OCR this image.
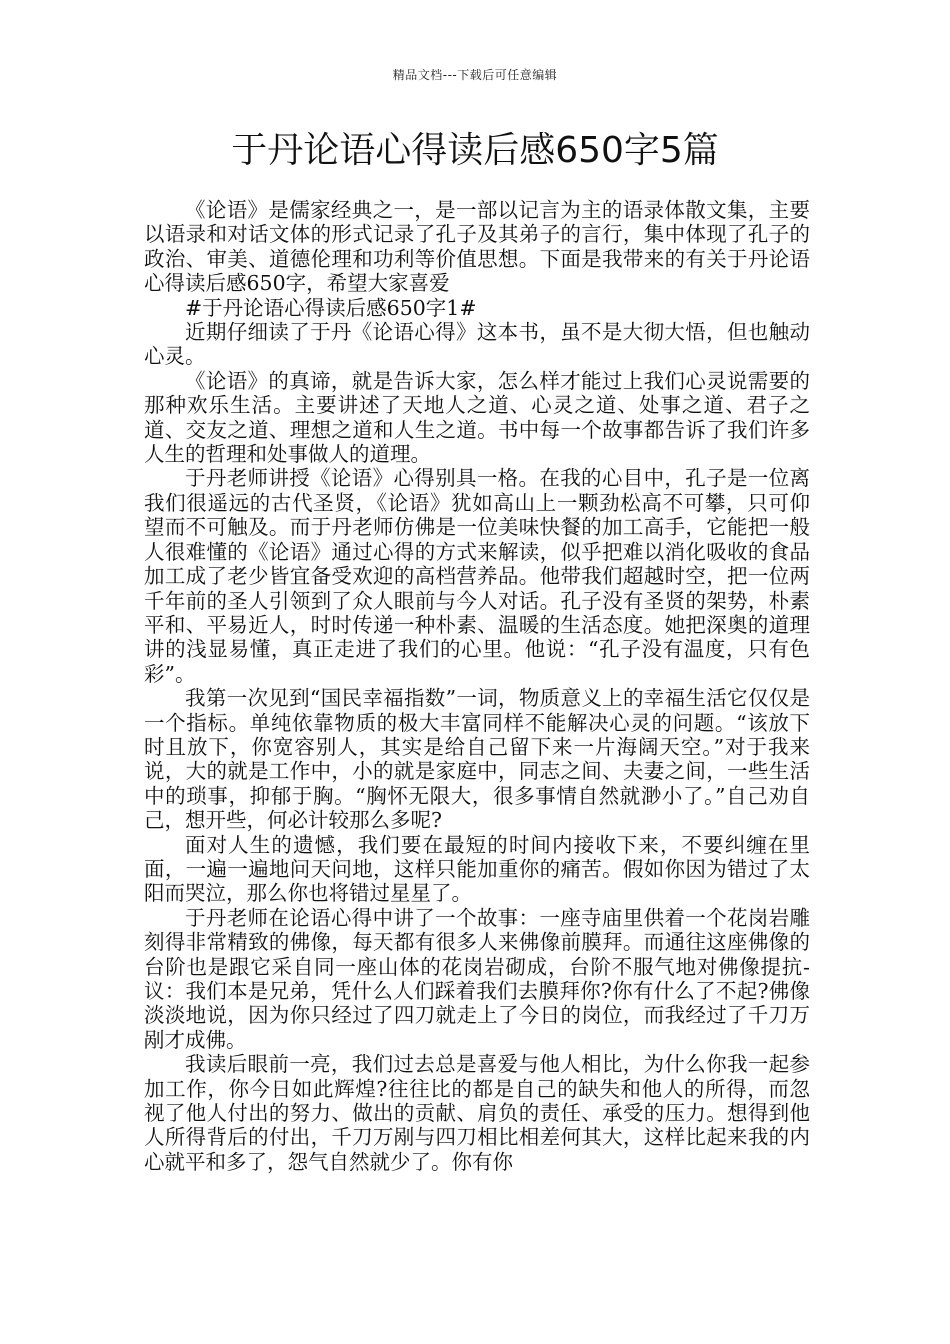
精品文档---下载后可任意编辑
于丹论语心得读后感650字5篇

《论语》是儒家经典之一，是一部以记言为主的语录体散文集，主要以语录和对话文体的形式记录了孔子及其弟子的言行，集中体现了孔子的政治、审美、道德伦理和功利等价值思想。下面是我带来的有关于丹论语心得读后感650字，希望大家喜爱

#于丹论语心得读后感650字1#

近期仔细读了于丹《论语心得》这本书，虽不是大彻大悟，但也触动心灵。

《论语》的真谛，就是告诉大家，怎么样才能过上我们心灵说需要的那种欢乐生活。主要讲述了天地人之道、心灵之道、处事之道、君子之道、交友之道、理想之道和人生之道。书中每一个故事都告诉了我们许多人生的哲理和处事做人的道理。

于丹老师讲授《论语》心得别具一格。在我的心目中，孔子是一位离我们很遥远的古代圣贤，《论语》犹如高山上一颗劲松高不可攀，只可仰望而不可触及。而于丹老师仿佛是一位美味快餐的加工高手，它能把一般人很难懂的《论语》通过心得的方式来解读，似乎把难以消化吸收的食品加工成了老少皆宜备受欢迎的高档营养品。他带我们超越时空，把一位两千年前的圣人引领到了众人眼前与今人对话。孔子没有圣贤的架势，朴素平和、平易近人，时时传递一种朴素、温暖的生活态度。她把深奥的道理讲的浅显易懂，真正走进了我们的心里。他说：“孔子没有温度，只有色彩”。

我第一次见到“国民幸福指数”一词，物质意义上的幸福生活它仅仅是一个指标。单纯依靠物质的极大丰富同样不能解决心灵的问题。“该放下时且放下，你宽容别人，其实是给自己留下来一片海阔天空。”对于我来说，大的就是工作中，小的就是家庭中，同志之间、夫妻之间，一些生活中的琐事，抑郁于胸。“胸怀无限大，很多事情自然就渺小了。”自己劝自己，想开些，何必计较那么多呢?

面对人生的遗憾，我们要在最短的时间内接收下来，不要纠缠在里面，一遍一遍地问天问地，这样只能加重你的痛苦。假如你因为错过了太阳而哭泣，那么你也将错过星星了。

于丹老师在论语心得中讲了一个故事：一座寺庙里供着一个花岗岩雕刻得非常精致的佛像，每天都有很多人来佛像前膜拜。而通往这座佛像的台阶也是跟它采自同一座山体的花岗岩砌成，台阶不服气地对佛像提抗-议：我们本是兄弟，凭什么人们踩着我们去膜拜你?你有什么了不起?佛像淡淡地说，因为你只经过了四刀就走上了今日的岗位，而我经过了千刀万剐才成佛。

我读后眼前一亮，我们过去总是喜爱与他人相比，为什么你我一起参加工作，你今日如此辉煌?往往比的都是自己的缺失和他人的所得，而忽视了他人付出的努力、做出的贡献、肩负的责任、承受的压力。想得到他人所得背后的付出，千刀万剐与四刀相比相差何其大，这样比起来我的内心就平和多了，怨气自然就少了。你有你
